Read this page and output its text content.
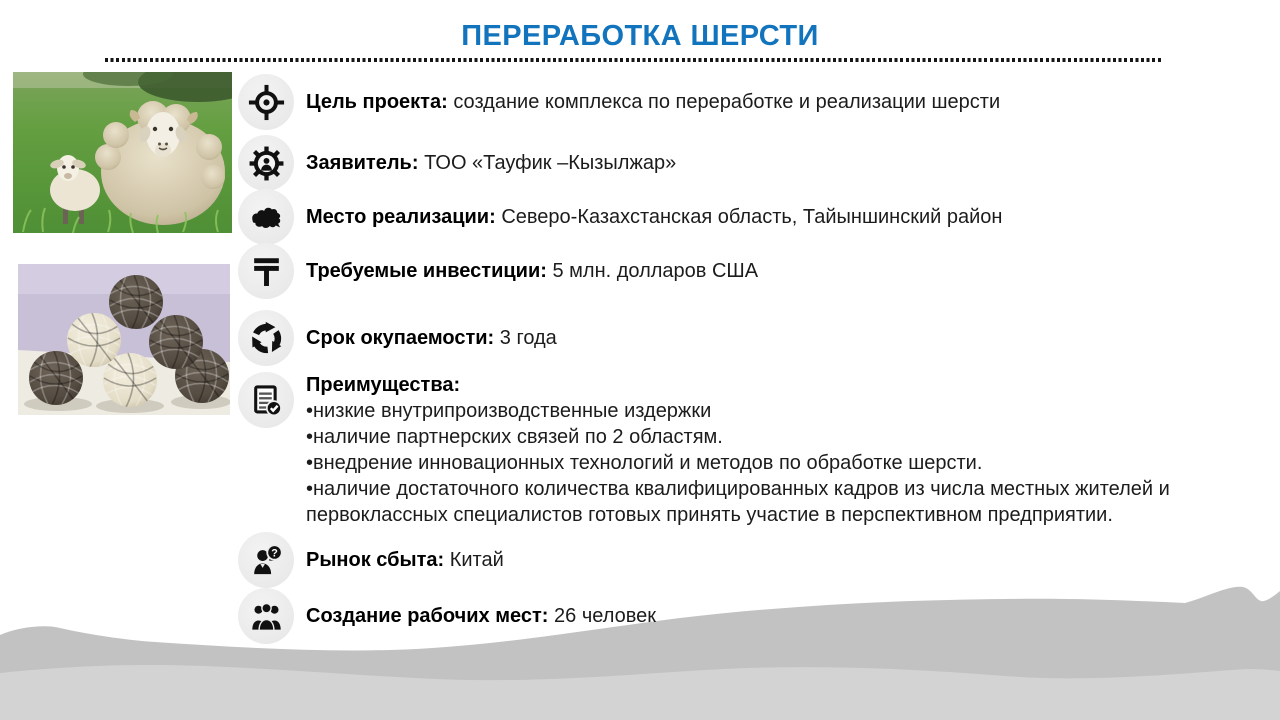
ПЕРЕРАБОТКА ШЕРСТИ
Цель проекта: создание комплекса по переработке и реализации шерсти
Заявитель: ТОО «Тауфик –Кызылжар»
Место реализации: Северо-Казахстанская область, Тайыншинский район
Требуемые инвестиции: 5 млн. долларов США
Срок окупаемости: 3 года
Преимущества:
•низкие внутрипроизводственные издержки
•наличие партнерских связей по 2 областям.
•внедрение инновационных технологий и методов по обработке шерсти.
•наличие достаточного количества квалифицированных кадров из числа местных жителей и первоклассных специалистов готовых принять участие в перспективном предприятии.
? Рынок сбыта: Китай
Создание рабочих мест: 26 человек
